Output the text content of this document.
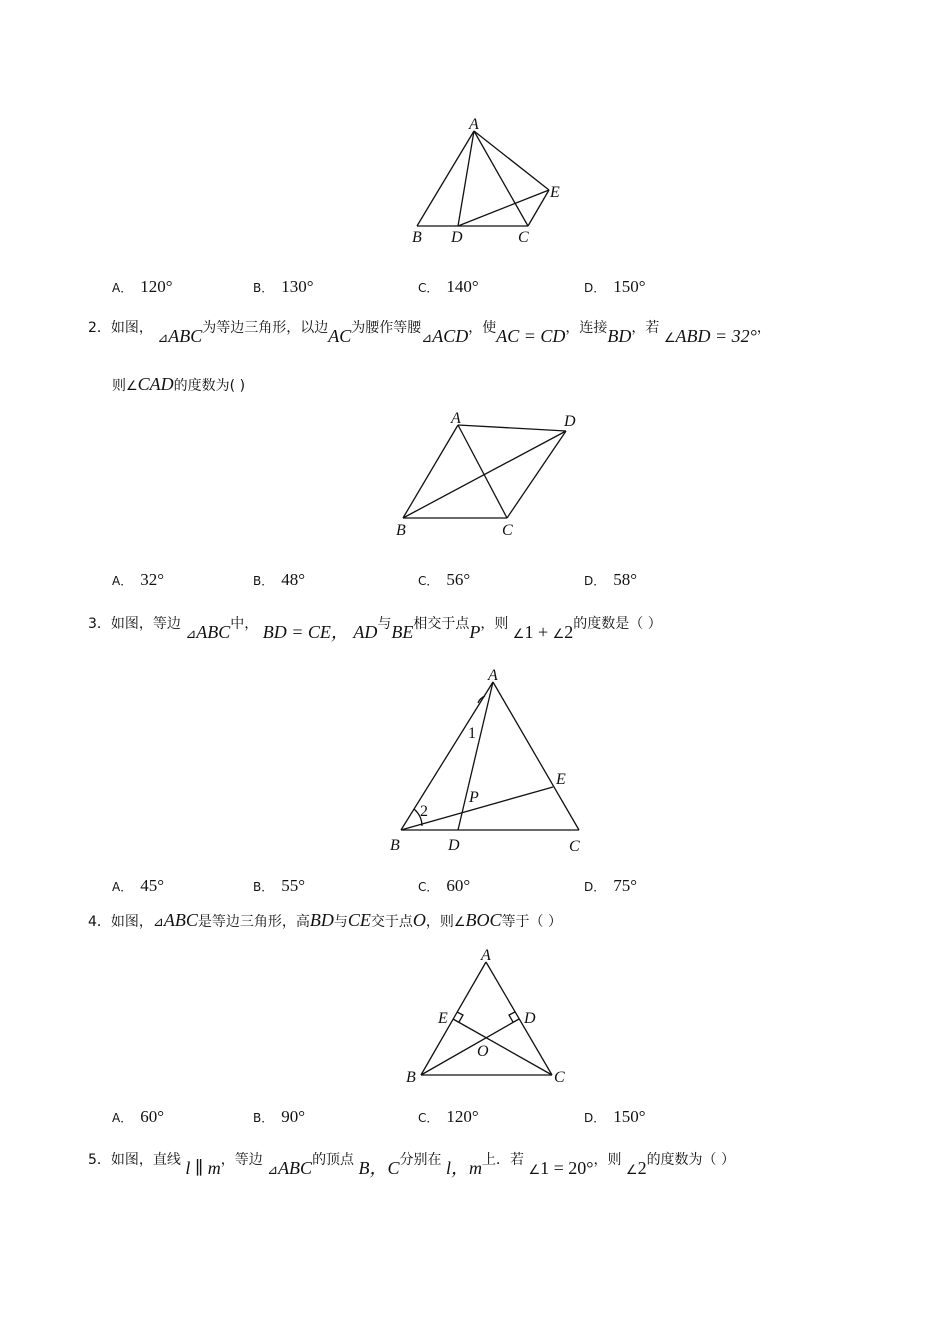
A
B D	C
E
A． 120°	B． 130°	C． 140°	D． 150°
2．如图， ⊿ABC为等边三角形，以边AC为腰作等腰⊿ACD，使AC = CD，连接BD，若 ∠ABD = 32°，
则∠CAD的度数为( )
A	D
B	C
A． 32°	B． 48°	C． 56°	D． 58°
3．如图，等边 ⊿ABC中， BD = CE， AD与BE相交于点P，则 ∠1 + ∠2的度数是（ ）
A
B	C
D
E
P
1
2
A． 45°	B． 55°	C． 60°	D． 75°
4．如图，⊿ABC是等边三角形，高BD与CE交于点O，则∠BOC等于（ ）
A
E	D
O
B	C
A． 60°	B． 90°	C． 120°	D． 150°
5．如图，直线 l ∥ m，等边 ⊿ABC的顶点 B，C分别在 l，m上．若 ∠1 = 20°，则 ∠2的度数为（ ）
